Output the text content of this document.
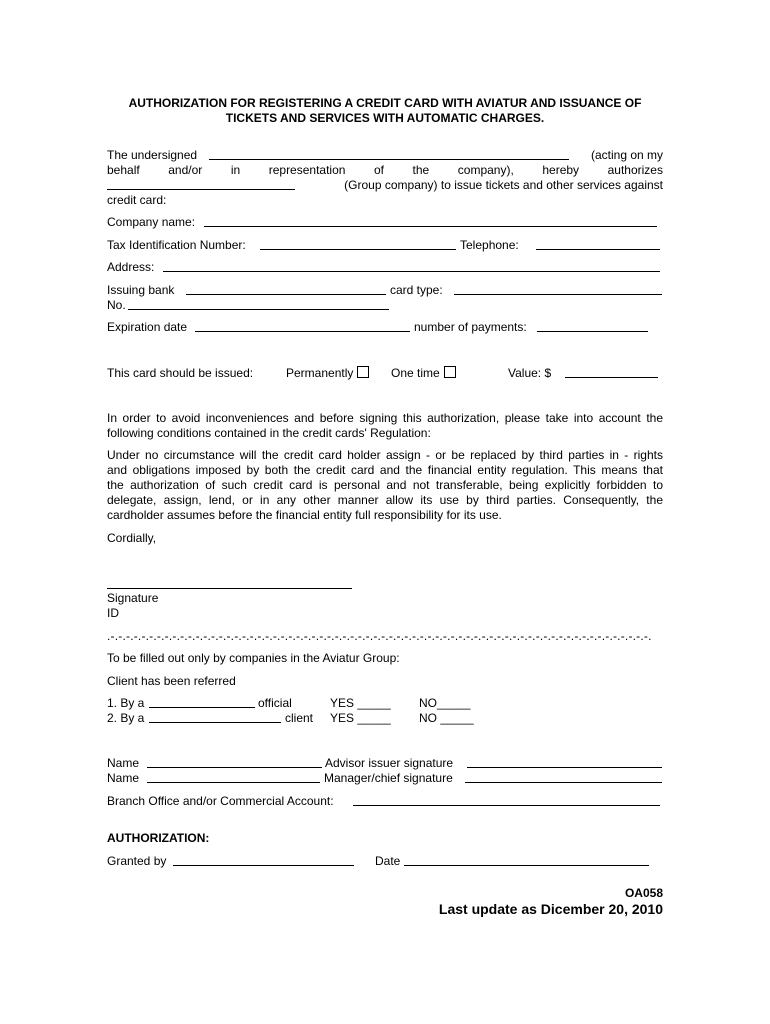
AUTHORIZATION FOR REGISTERING A CREDIT CARD WITH AVIATUR AND ISSUANCE OF
TICKETS AND SERVICES WITH AUTOMATIC CHARGES.
The undersigned	(acting on my
behalf and/or in representation of the company), hereby authorizes
(Group company) to issue tickets and other services against
credit card:
Company name:
Tax Identification Number:	Telephone:
Address:
Issuing bank	card type:
No.
Expiration date	number of payments:
This card should be issued:	Permanently	One time	Value: $
In order to avoid inconveniences and before signing this authorization, please take into account the
following conditions contained in the credit cards' Regulation:
Under no circumstance will the credit card holder assign - or be replaced by third parties in - rights
and obligations imposed by both the credit card and the financial entity regulation. This means that
the authorization of such credit card is personal and not transferable, being explicitly forbidden to
delegate, assign, lend, or in any other manner allow its use by third parties. Consequently, the
cardholder assumes before the financial entity full responsibility for its use.
Cordially,
Signature
ID
.-.-.-.-.-.-.-.-.-.-.-.-.-.-.-.-.-.-.-.-.-.-.-.-.-.-.-.-.-.-.-.-.-.-.-.-.-.-.-.-.-.-.-.-.-.-.-.-.-.-.-.-.-.-.-.-.-.-.-.-.-.-.-.-.-.-.-.-.-.-.
To be filled out only by companies in the Aviatur Group:
Client has been referred
1. By a	official	YES _____ NO_____
2. By a	client YES _____ NO _____
Name	Advisor issuer signature
Name	Manager/chief signature
Branch Office and/or Commercial Account:
AUTHORIZATION:
Granted by	Date
OA058
Last update as Dicember 20, 2010
